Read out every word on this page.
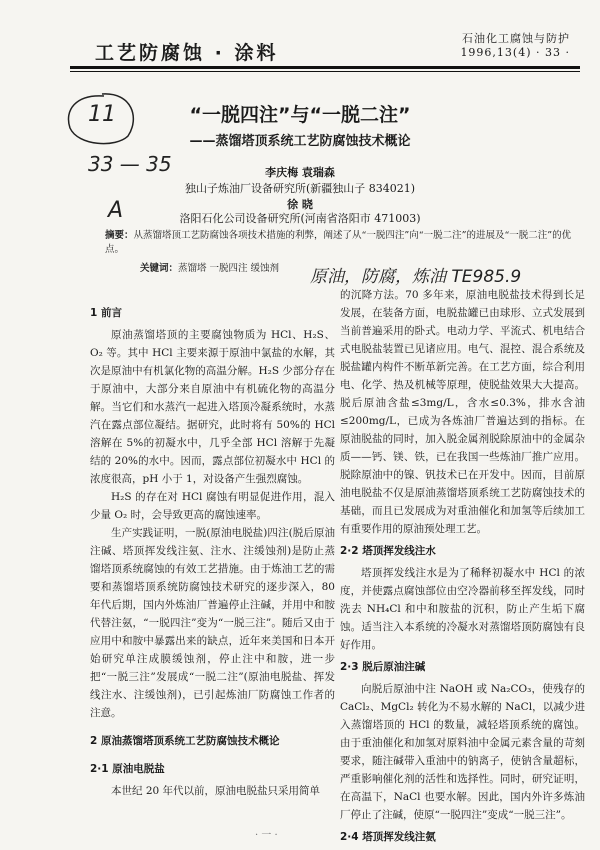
工艺防腐蚀 · 涂料
石油化工腐蚀与防护
1996,13(4) · 33 ·
11
33 — 35
A
原油，防腐，炼油 TE985.9
“一脱四注”与“一脱二注”
——蒸馏塔顶系统工艺防腐蚀技术概论
李庆梅 袁瑞森
独山子炼油厂设备研究所(新疆独山子 834021)
徐 晓
洛阳石化公司设备研究所(河南省洛阳市 471003)
摘要：从蒸馏塔顶工艺防腐蚀各项技术措施的利弊，阐述了从“一脱四注”向“一脱二注”的进展及“一脱二注”的优点。
关键词：蒸馏塔 一脱四注 缓蚀剂
1 前言

原油蒸馏塔顶的主要腐蚀物质为 HCl、H₂S、O₂ 等。其中 HCl 主要来源于原油中氯盐的水解，其次是原油中有机氯化物的高温分解。H₂S 少部分存在于原油中，大部分来自原油中有机硫化物的高温分解。当它们和水蒸汽一起进入塔顶冷凝系统时，水蒸汽在露点部位凝结。据研究，此时将有 50%的 HCl 溶解在 5%的初凝水中，几乎全部 HCl 溶解于先凝结的 20%的水中。因而，露点部位初凝水中 HCl 的浓度很高，pH 小于 1，对设备产生强烈腐蚀。

H₂S 的存在对 HCl 腐蚀有明显促进作用，混入少量 O₂ 时，会导致更高的腐蚀速率。

生产实践证明，一脱(原油电脱盐)四注(脱后原油注碱、塔顶挥发线注氨、注水、注缓蚀剂)是防止蒸馏塔顶系统腐蚀的有效工艺措施。由于炼油工艺的需要和蒸馏塔顶系统防腐蚀技术研究的逐步深入，80 年代后期，国内外炼油厂普遍停止注碱，并用中和胺代替注氨，“一脱四注”变为“一脱三注”。随后又由于应用中和胺中暴露出来的缺点，近年来美国和日本开始研究单注成膜缓蚀剂，停止注中和胺，进一步把“一脱三注”发展成“一脱二注”(原油电脱盐、挥发线注水、注缓蚀剂)，已引起炼油厂防腐蚀工作者的注意。

2 原油蒸馏塔顶系统工艺防腐蚀技术概论
2·1 原油电脱盐

本世纪 20 年代以前，原油电脱盐只采用简单

的沉降方法。70 多年来，原油电脱盐技术得到长足发展，在装备方面，电脱盐罐已由球形、立式发展到当前普遍采用的卧式。电动力学、平流式、机电结合式电脱盐装置已见诸应用。电气、混控、混合系统及脱盐罐内构件不断革新完善。在工艺方面，综合利用电、化学、热及机械等原理，使脱盐效果大大提高。脱后原油含盐≤3mg/L，含水≤0.3%，排水含油≤200mg/L，已成为各炼油厂普遍达到的指标。在原油脱盐的同时，加入脱金属剂脱除原油中的金属杂质——钙、镁、铁，已在我国一些炼油厂推广应用。脱除原油中的镍、钒技术已在开发中。因而，目前原油电脱盐不仅是原油蒸馏塔顶系统工艺防腐蚀技术的基础，而且已发展成为对重油催化和加氢等后续加工有重要作用的原油预处理工艺。

2·2 塔顶挥发线注水

塔顶挥发线注水是为了稀释初凝水中 HCl 的浓度，并使露点腐蚀部位由空冷器前移至挥发线，同时洗去 NH₄Cl 和中和胺盐的沉积，防止产生垢下腐蚀。适当注入本系统的冷凝水对蒸馏塔顶防腐蚀有良好作用。

2·3 脱后原油注碱

向脱后原油中注 NaOH 或 Na₂CO₃，使残存的 CaCl₂、MgCl₂ 转化为不易水解的 NaCl，以减少进入蒸馏塔顶的 HCl 的数量，减轻塔顶系统的腐蚀。由于重油催化和加氢对原料油中金属元素含量的苛刻要求，随注碱带入重油中的钠离子，使钠含量超标，严重影响催化剂的活性和选择性。同时，研究证明，在高温下，NaCl 也要水解。因此，国内外许多炼油厂停止了注碱，使原“一脱四注”变成“一脱三注”。

2·4 塔顶挥发线注氨
· 一 ·
